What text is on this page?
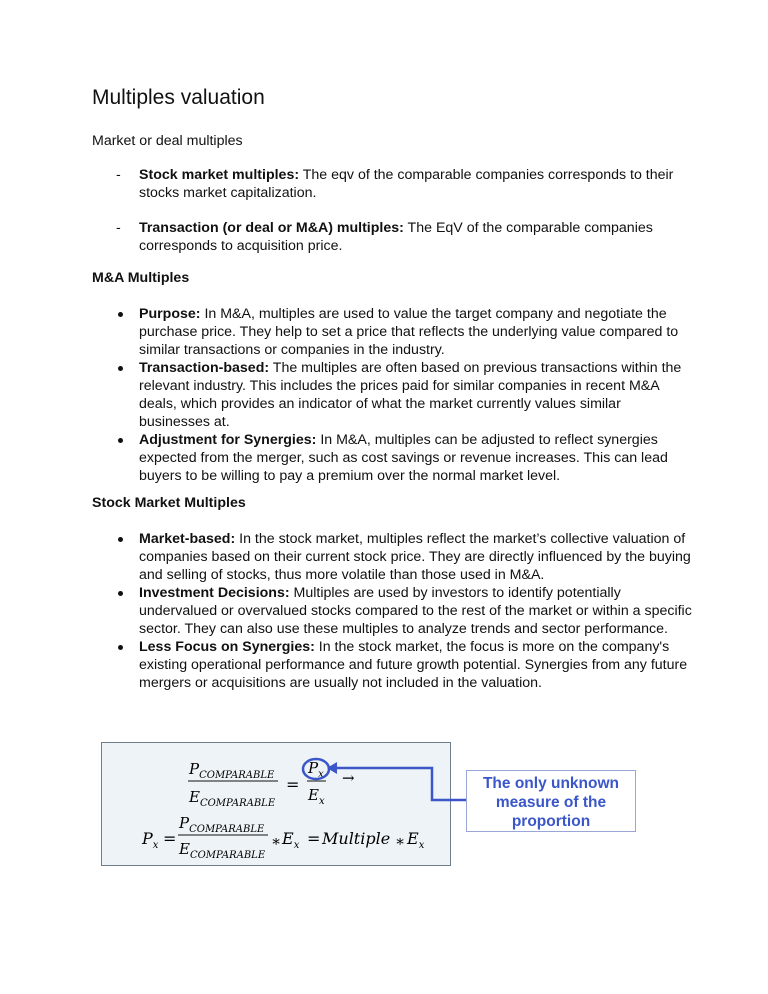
Multiples valuation

Market or deal multiples

- Stock market multiples: The eqv of the comparable companies corresponds to their stocks market capitalization.
- Transaction (or deal or M&A) multiples: The EqV of the comparable companies corresponds to acquisition price.
M&A Multiples
Purpose: In M&A, multiples are used to value the target company and negotiate the purchase price. They help to set a price that reflects the underlying value compared to similar transactions or companies in the industry.
Transaction-based: The multiples are often based on previous transactions within the relevant industry. This includes the prices paid for similar companies in recent M&A deals, which provides an indicator of what the market currently values similar businesses at.
Adjustment for Synergies: In M&A, multiples can be adjusted to reflect synergies expected from the merger, such as cost savings or revenue increases. This can lead buyers to be willing to pay a premium over the normal market level.
Stock Market Multiples
Market-based: In the stock market, multiples reflect the market’s collective valuation of companies based on their current stock price. They are directly influenced by the buying and selling of stocks, thus more volatile than those used in M&A.
Investment Decisions: Multiples are used by investors to identify potentially undervalued or overvalued stocks compared to the rest of the market or within a specific sector. They can also use these multiples to analyze trends and sector performance.
Less Focus on Synergies: In the stock market, the focus is more on the company's existing operational performance and future growth potential. Synergies from any future mergers or acquisitions are usually not included in the valuation.
$P_{COMPARABLE}$
$E_{COMPARABLE}$
=
$P_x$
$E_x$
→
$P_x$ =
$P_{COMPARABLE}$
$E_{COMPARABLE}$
∗ $E_x$ = Multiple ∗ $E_x$
The only unknown
measure of the
proportion
